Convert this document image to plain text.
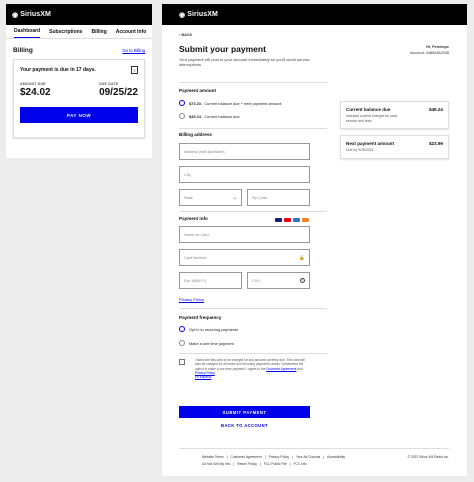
◉ SiriusXM
Dashboard Subscriptions Billing Account Info
Billing	Go to Billing
Your payment is due in 17 days.	≡
AMOUNT DUE
$24.02
DUE DATE
09/25/22
PAY NOW
◉ SiriusXM
‹ BACK
Submit your payment
Your payment will post to your account immediately so you'll avoid service interruptions.
Hi, Penelope
Account: 44850482938
Payment amount
$73.23 - Current balance due + next payment amount
$49.24 - Current balance due
Billing address
Address (with Apt/Suite)
City
State	⌄	Zip Code
Payment info
Name on Card
Card Number	🔒
Exp (MM/YY)	CVV	?
Privacy Policy
Payment frequency
Opt in to recurring payments
Make a one time payment
I authorize this card to be charged for any amount currently due. This card will also be charged for all future and recurring payments unless I deselected the option to make a one time payment. I agree to the Customer Agreement and Privacy Policy
En Español
SUBMIT PAYMENT
BACK TO ACCOUNT
Current balance due	$49.24
Includes current charges for past service and fees
Next payment amount	$23.99
Due by 9/26/2022
Website Terms | Customer Agreement | Privacy Policy | Your Ad Choices | Accessibility
Do Not Sell My Info | Return Policy | FCC Public File | FCC Info
© 2022 Sirius XM Radio Inc.
